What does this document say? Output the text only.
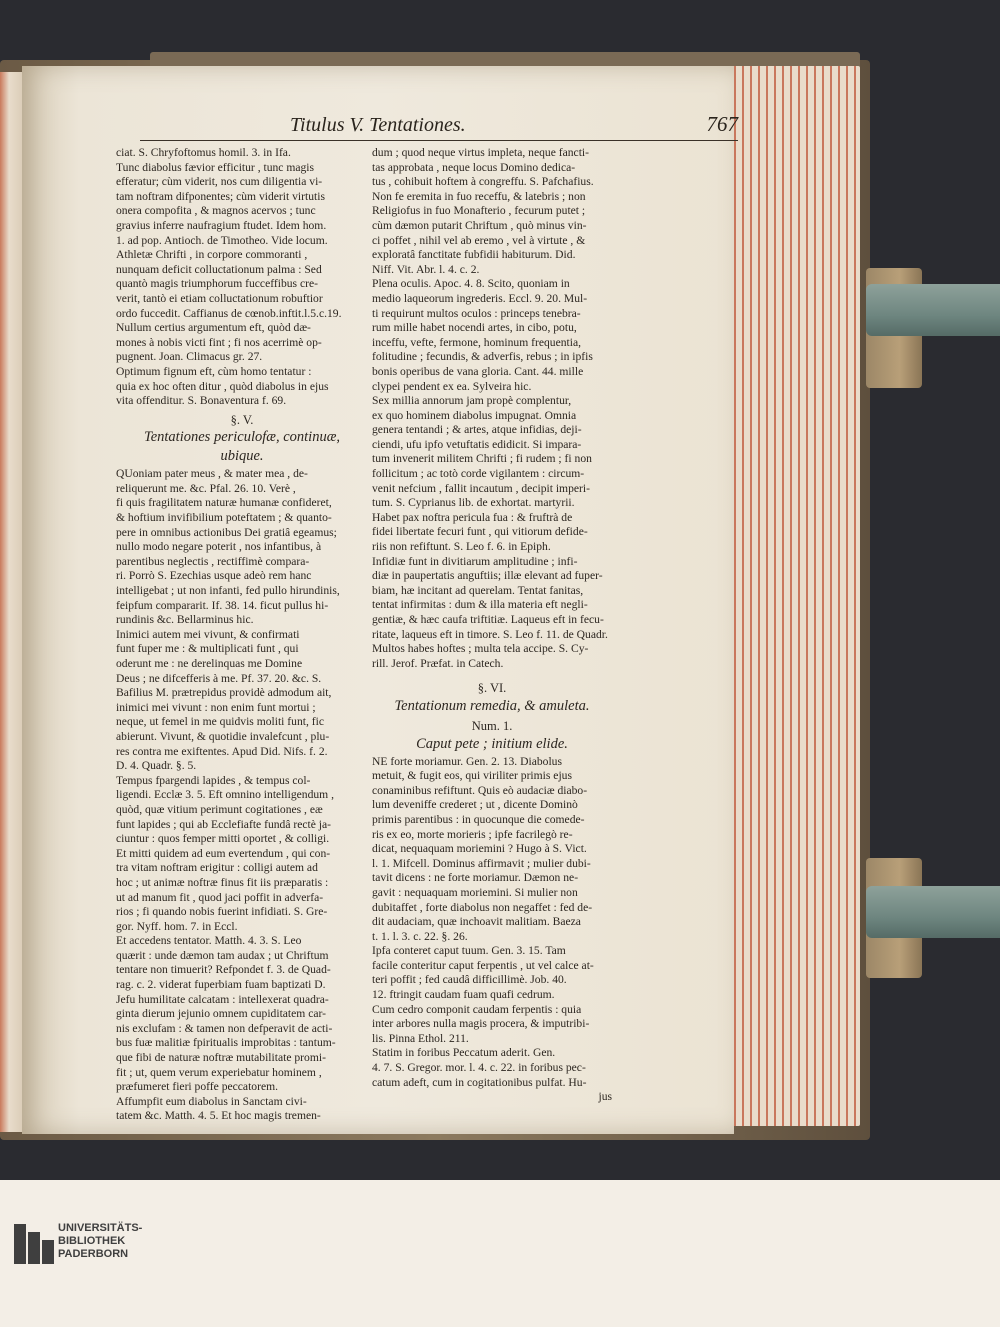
Titulus V. Tentationes.	767
ciat. S. Chryfoftomus homil. 3. in Ifa.
Tunc diabolus fævior efficitur , tunc magis
efferatur; cùm viderit, nos cum diligentia vi-
tam noftram difponentes; cùm viderit virtutis
onera compofita , & magnos acervos ; tunc
gravius inferre naufragium ftudet. Idem hom.
1. ad pop. Antioch. de Timotheo. Vide locum.
Athletæ Chrifti , in corpore commoranti ,
nunquam deficit colluctationum palma : Sed
quantò magis triumphorum fucceffibus cre-
verit, tantò ei etiam colluctationum robuftior
ordo fuccedit. Caffianus de cœnob.inftit.l.5.c.19.
Nullum certius argumentum eft, quòd dæ-
mones à nobis victi fint ; fi nos acerrimè op-
pugnent. Joan. Climacus gr. 27.
Optimum fignum eft, cùm homo tentatur :
quia ex hoc often ditur , quòd diabolus in ejus
vita offenditur. S. Bonaventura f. 69.
§. V.
Tentationes periculofæ, continuæ,
ubique.
QUoniam pater meus , & mater mea , de-
reliquerunt me. &c. Pfal. 26. 10. Verè ,
fi quis fragilitatem naturæ humanæ confideret,
& hoftium invifibilium poteftatem ; & quanto-
pere in omnibus actionibus Dei gratiâ egeamus;
nullo modo negare poterit , nos infantibus, à
parentibus neglectis , rectiffimè compara-
ri. Porrò S. Ezechias usque adeò rem hanc
intelligebat ; ut non infanti, fed pullo hirundinis,
feipfum compararit. If. 38. 14. ficut pullus hi-
rundinis &c. Bellarminus hic.
Inimici autem mei vivunt, & confirmati
funt fuper me : & multiplicati funt , qui
oderunt me : ne derelinquas me Domine
Deus ; ne difcefferis à me. Pf. 37. 20. &c. S.
Bafilius M. prætrepidus providè admodum ait,
inimici mei vivunt : non enim funt mortui ;
neque, ut femel in me quidvis moliti funt, fic
abierunt. Vivunt, & quotidie invalefcunt , plu-
res contra me exiftentes. Apud Did. Nifs. f. 2.
D. 4. Quadr. §. 5.
Tempus fpargendi lapides , & tempus col-
ligendi. Ecclæ 3. 5. Eft omnino intelligendum ,
quòd, quæ vitium perimunt cogitationes , eæ
funt lapides ; qui ab Ecclefiafte fundâ rectè ja-
ciuntur : quos femper mitti oportet , & colligi.
Et mitti quidem ad eum evertendum , qui con-
tra vitam noftram erigitur : colligi autem ad
hoc ; ut animæ noftræ finus fit iis præparatis :
ut ad manum fit , quod jaci poffit in adverfa-
rios ; fi quando nobis fuerint infidiati. S. Gre-
gor. Nyff. hom. 7. in Eccl.
Et accedens tentator. Matth. 4. 3. S. Leo
quærit : unde dæmon tam audax ; ut Chriftum
tentare non timuerit? Refpondet f. 3. de Quad-
rag. c. 2. viderat fuperbiam fuam baptizati D.
Jefu humilitate calcatam : intellexerat quadra-
ginta dierum jejunio omnem cupiditatem car-
nis exclufam : & tamen non defperavit de acti-
bus fuæ malitiæ fpiritualis improbitas : tantum-
que fibi de naturæ noftræ mutabilitate promi-
fit ; ut, quem verum experiebatur hominem ,
præfumeret fieri poffe peccatorem.
Affumpfit eum diabolus in Sanctam civi-
tatem &c. Matth. 4. 5. Et hoc magis tremen-
dum ; quod neque virtus impleta, neque fancti-
tas approbata , neque locus Domino dedica-
tus , cohibuit hoftem à congreffu. S. Pafchafius.
Non fe eremita in fuo receffu, & latebris ; non
Religiofus in fuo Monafterio , fecurum putet ;
cùm dæmon putarit Chriftum , quò minus vin-
ci poffet , nihil vel ab eremo , vel à virtute , &
exploratâ fanctitate fubfidii habiturum. Did.
Niff. Vit. Abr. l. 4. c. 2.
Plena oculis. Apoc. 4. 8. Scito, quoniam in
medio laqueorum ingrederis. Eccl. 9. 20. Mul-
ti requirunt multos oculos : princeps tenebra-
rum mille habet nocendi artes, in cibo, potu,
inceffu, vefte, fermone, hominum frequentia,
folitudine ; fecundis, & adverfis, rebus ; in ipfis
bonis operibus de vana gloria. Cant. 44. mille
clypei pendent ex ea. Sylveira hic.
Sex millia annorum jam propè complentur,
ex quo hominem diabolus impugnat. Omnia
genera tentandi ; & artes, atque infidias, deji-
ciendi, ufu ipfo vetuftatis edidicit. Si impara-
tum invenerit militem Chrifti ; fi rudem ; fi non
follicitum ; ac totò corde vigilantem : circum-
venit nefcium , fallit incautum , decipit imperi-
tum. S. Cyprianus lib. de exhortat. martyrii.
Habet pax noftra pericula fua : & fruftrà de
fidei libertate fecuri funt , qui vitiorum defide-
riis non refiftunt. S. Leo f. 6. in Epiph.
Infidiæ funt in divitiarum amplitudine ; infi-
diæ in paupertatis anguftiis; illæ elevant ad fuper-
biam, hæ incitant ad querelam. Tentat fanitas,
tentat infirmitas : dum & illa materia eft negli-
gentiæ, & hæc caufa triftitiæ. Laqueus eft in fecu-
ritate, laqueus eft in timore. S. Leo f. 11. de Quadr.
Multos habes hoftes ; multa tela accipe. S. Cy-
rill. Jerof. Præfat. in Catech.
§. VI.
Tentationum remedia, & amuleta.
Num. 1.
Caput pete ; initium elide.
NE forte moriamur. Gen. 2. 13. Diabolus
metuit, & fugit eos, qui viriliter primis ejus
conaminibus refiftunt. Quis eò audaciæ diabo-
lum deveniffe crederet ; ut , dicente Dominò
primis parentibus : in quocunque die comede-
ris ex eo, morte morieris ; ipfe facrilegò re-
dicat, nequaquam moriemini ? Hugo à S. Vict.
l. 1. Mifcell. Dominus affirmavit ; mulier dubi-
tavit dicens : ne forte moriamur. Dæmon ne-
gavit : nequaquam moriemini. Si mulier non
dubitaffet , forte diabolus non negaffet : fed de-
dit audaciam, quæ inchoavit malitiam. Baeza
t. 1. l. 3. c. 22. §. 26.
Ipfa conteret caput tuum. Gen. 3. 15. Tam
facile conteritur caput ferpentis , ut vel calce at-
teri poffit ; fed caudâ difficillimè. Job. 40.
12. ftringit caudam fuam quafi cedrum.
Cum cedro componit caudam ferpentis : quia
inter arbores nulla magis procera, & imputribi-
lis. Pinna Ethol. 211.
Statim in foribus Peccatum aderit. Gen.
4. 7. S. Gregor. mor. l. 4. c. 22. in foribus pec-
catum adeft, cum in cogitationibus pulfat. Hu-
jus
UNIVERSITÄTS-
BIBLIOTHEK
PADERBORN
